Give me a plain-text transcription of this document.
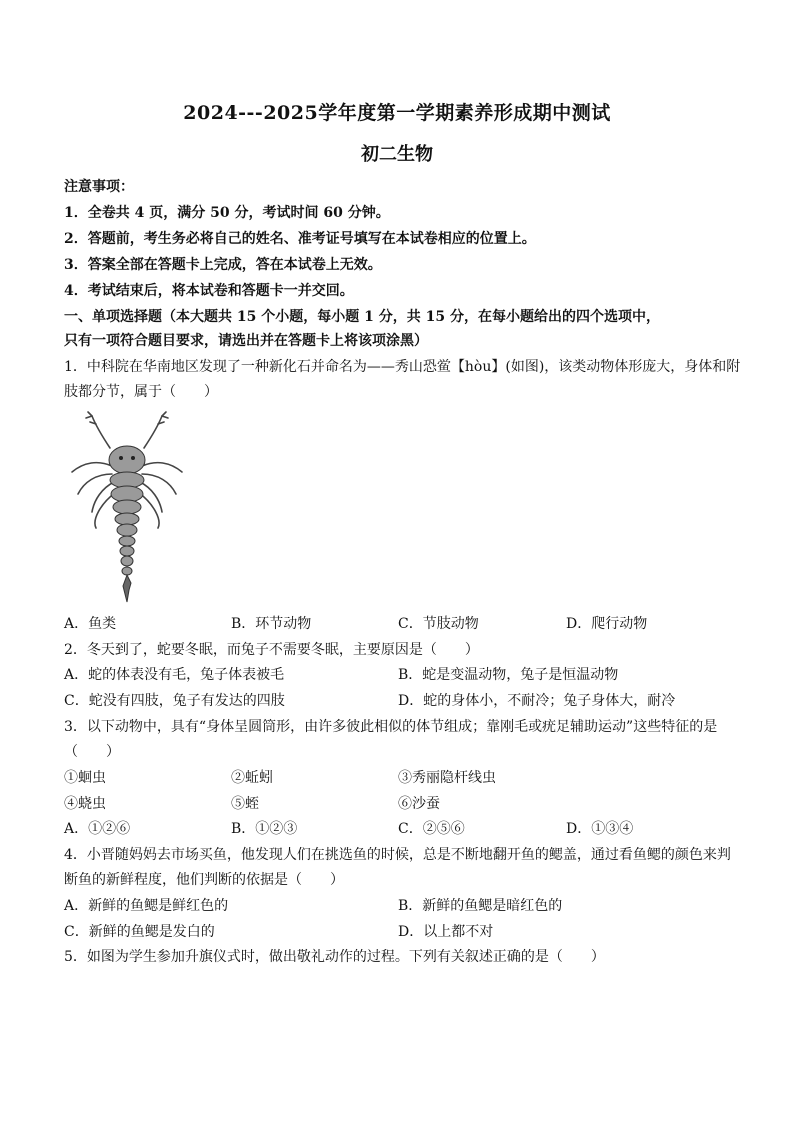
2024---2025学年度第一学期素养形成期中测试
初二生物
注意事项：
1．全卷共 4 页，满分 50 分，考试时间 60 分钟。
2．答题前，考生务必将自己的姓名、准考证号填写在本试卷相应的位置上。
3．答案全部在答题卡上完成，答在本试卷上无效。
4．考试结束后，将本试卷和答题卡一并交回。
一、单项选择题（本大题共 15 个小题，每小题 1 分，共 15 分，在每小题给出的四个选项中，
只有一项符合题目要求，请选出并在答题卡上将该项涂黑）
1．中科院在华南地区发现了一种新化石并命名为——秀山恐鲎【hòu】(如图)，该类动物体形庞大，身体和附
肢都分节，属于（　　）
A．鱼类	B．环节动物	C．节肢动物	D．爬行动物
2．冬天到了，蛇要冬眠，而兔子不需要冬眠，主要原因是（　　）
A．蛇的体表没有毛，兔子体表被毛	B．蛇是变温动物，兔子是恒温动物
C．蛇没有四肢，兔子有发达的四肢	D．蛇的身体小，不耐冷；兔子身体大，耐冷
3．以下动物中，具有“身体呈圆筒形，由许多彼此相似的体节组成；靠刚毛或疣足辅助运动”这些特征的是
（　　）
①蛔虫	②蚯蚓	③秀丽隐杆线虫
④蛲虫	⑤蛭	⑥沙蚕
A．①②⑥	B．①②③	C．②⑤⑥	D．①③④
4．小晋随妈妈去市场买鱼，他发现人们在挑选鱼的时候，总是不断地翻开鱼的鳃盖，通过看鱼鳃的颜色来判
断鱼的新鲜程度，他们判断的依据是（　　）
A．新鲜的鱼鳃是鲜红色的	B．新鲜的鱼鳃是暗红色的
C．新鲜的鱼鳃是发白的	D．以上都不对
5．如图为学生参加升旗仪式时，做出敬礼动作的过程。下列有关叙述正确的是（　　）
